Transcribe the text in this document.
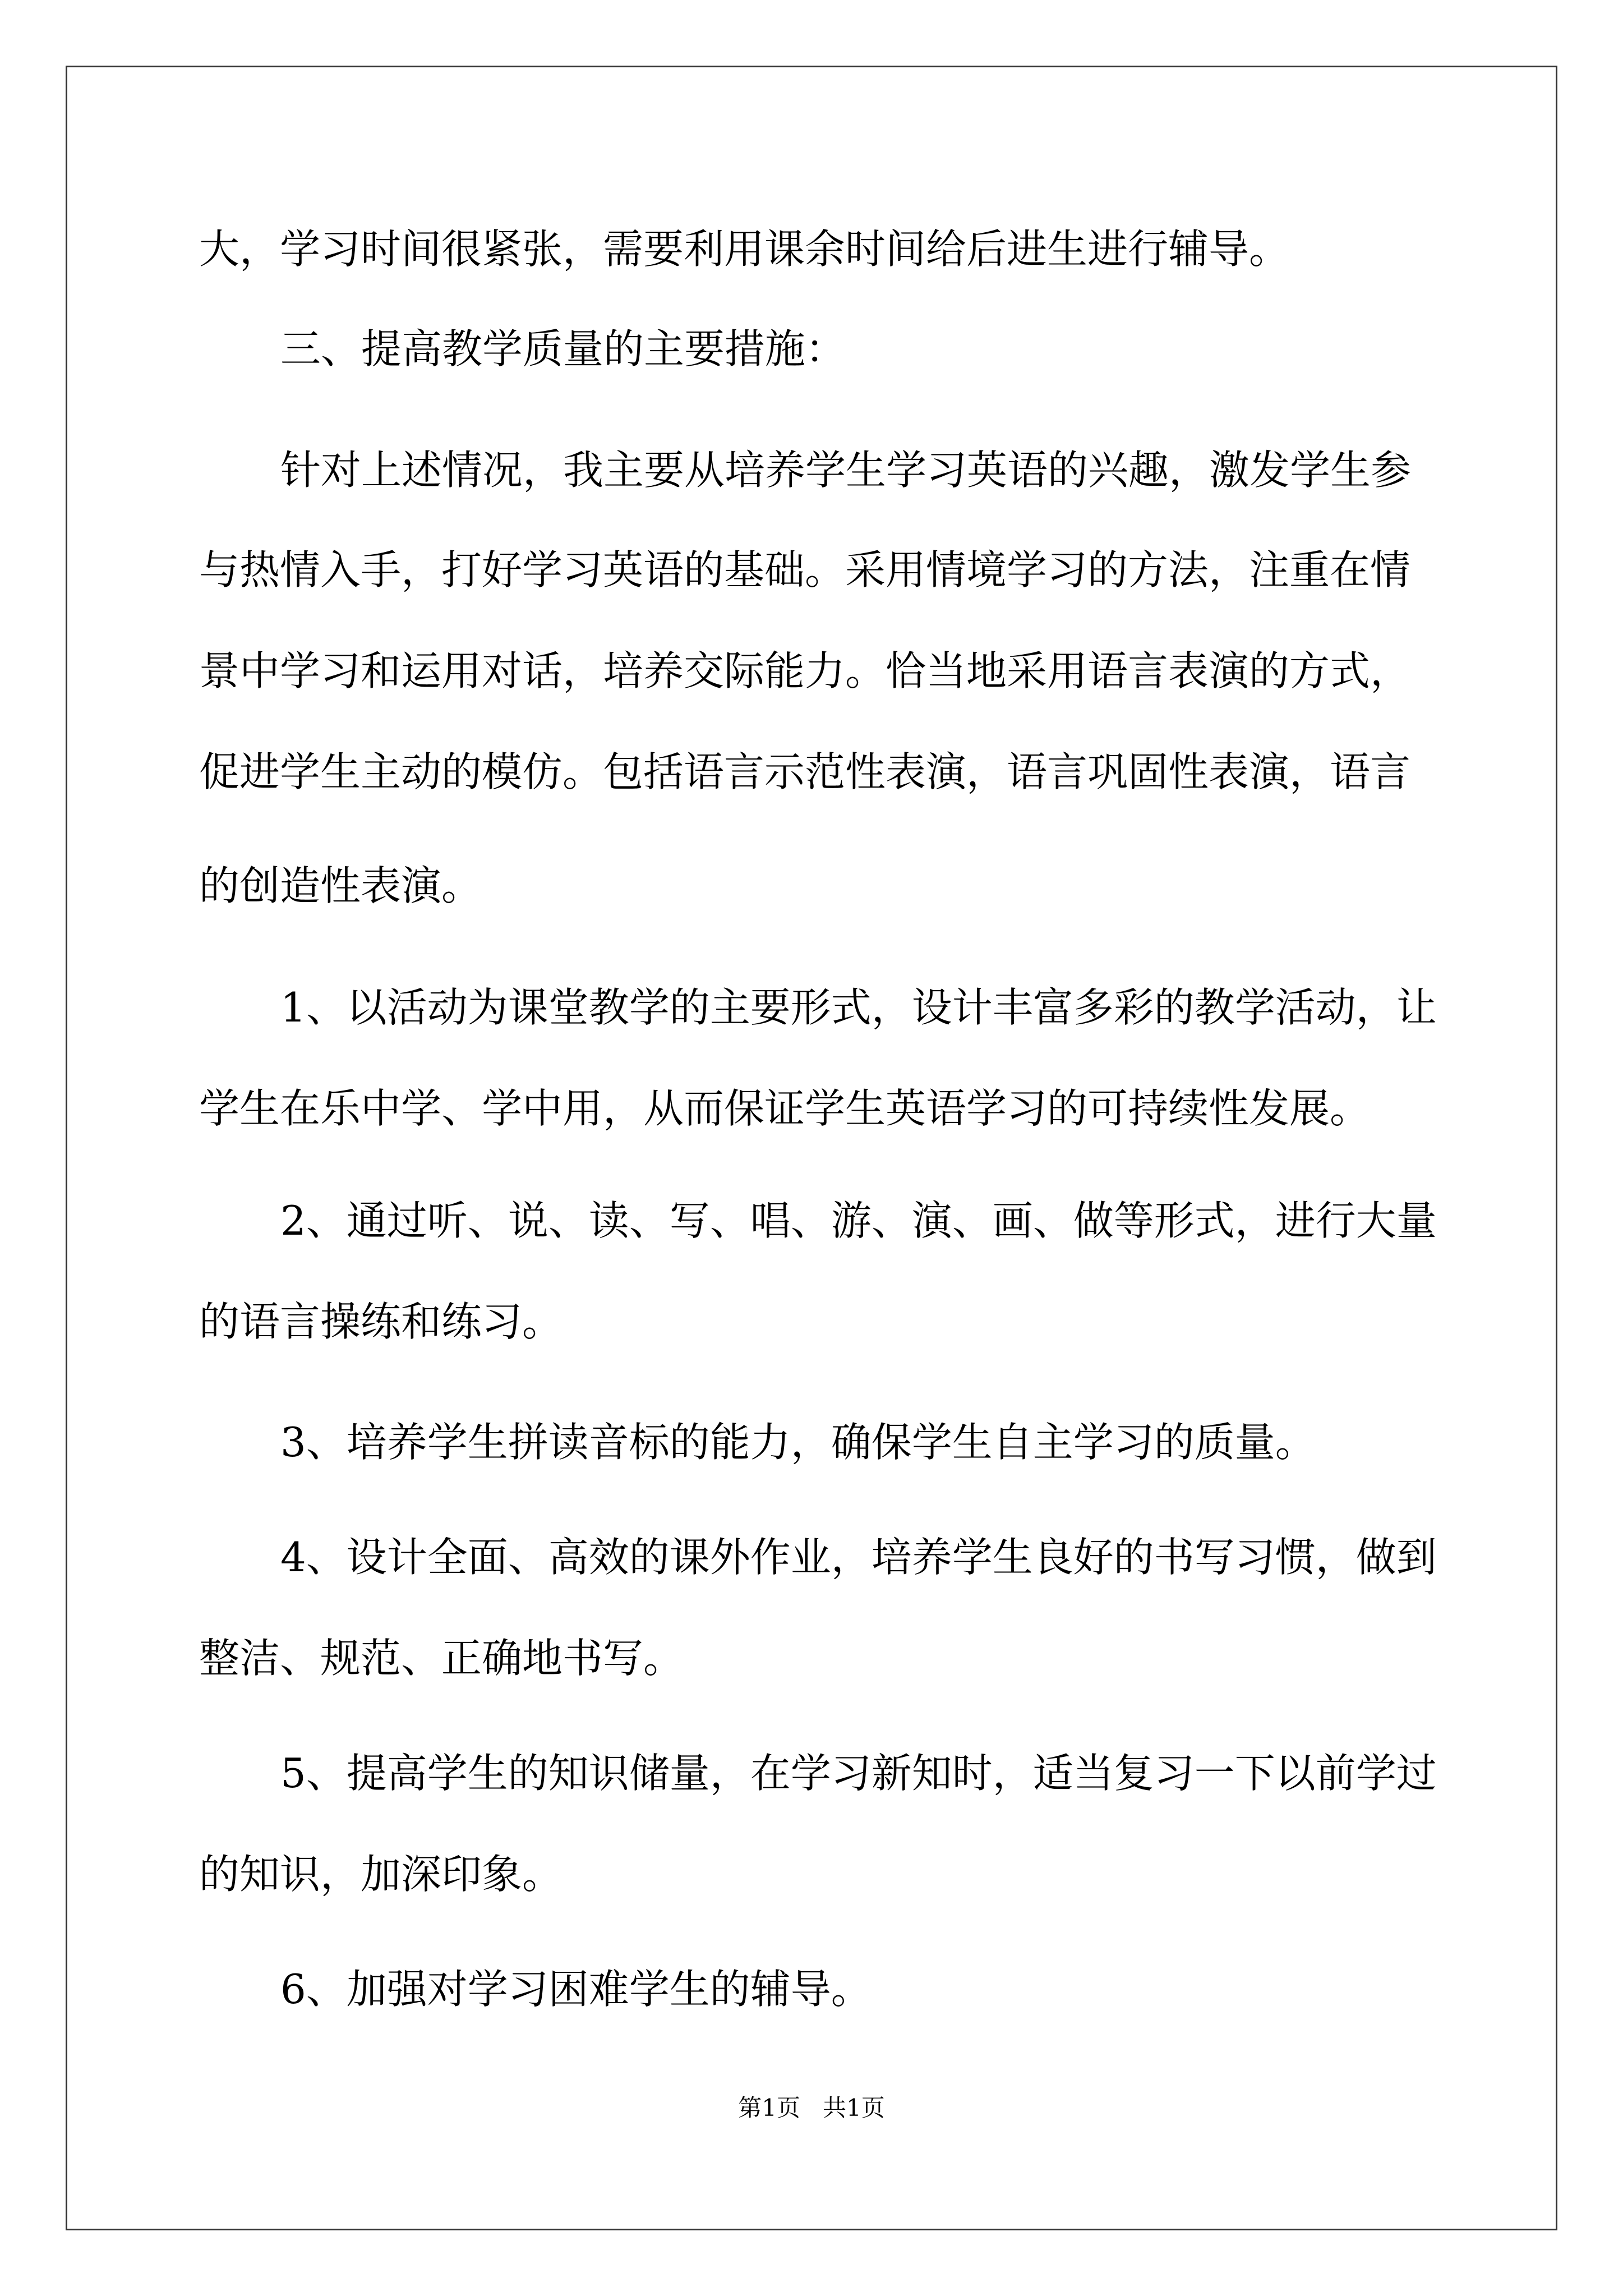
大，学习时间很紧张，需要利用课余时间给后进生进行辅导。

三、提高教学质量的主要措施：

针对上述情况，我主要从培养学生学习英语的兴趣，激发学生参

与热情入手，打好学习英语的基础。采用情境学习的方法，注重在情

景中学习和运用对话，培养交际能力。恰当地采用语言表演的方式，

促进学生主动的模仿。包括语言示范性表演，语言巩固性表演，语言

的创造性表演。

1、以活动为课堂教学的主要形式，设计丰富多彩的教学活动，让

学生在乐中学、学中用，从而保证学生英语学习的可持续性发展。

2、通过听、说、读、写、唱、游、演、画、做等形式，进行大量

的语言操练和练习。

3、培养学生拼读音标的能力，确保学生自主学习的质量。

4、设计全面、高效的课外作业，培养学生良好的书写习惯，做到

整洁、规范、正确地书写。

5、提高学生的知识储量，在学习新知时，适当复习一下以前学过

的知识，加深印象。

6、加强对学习困难学生的辅导。

第1页   共1页
